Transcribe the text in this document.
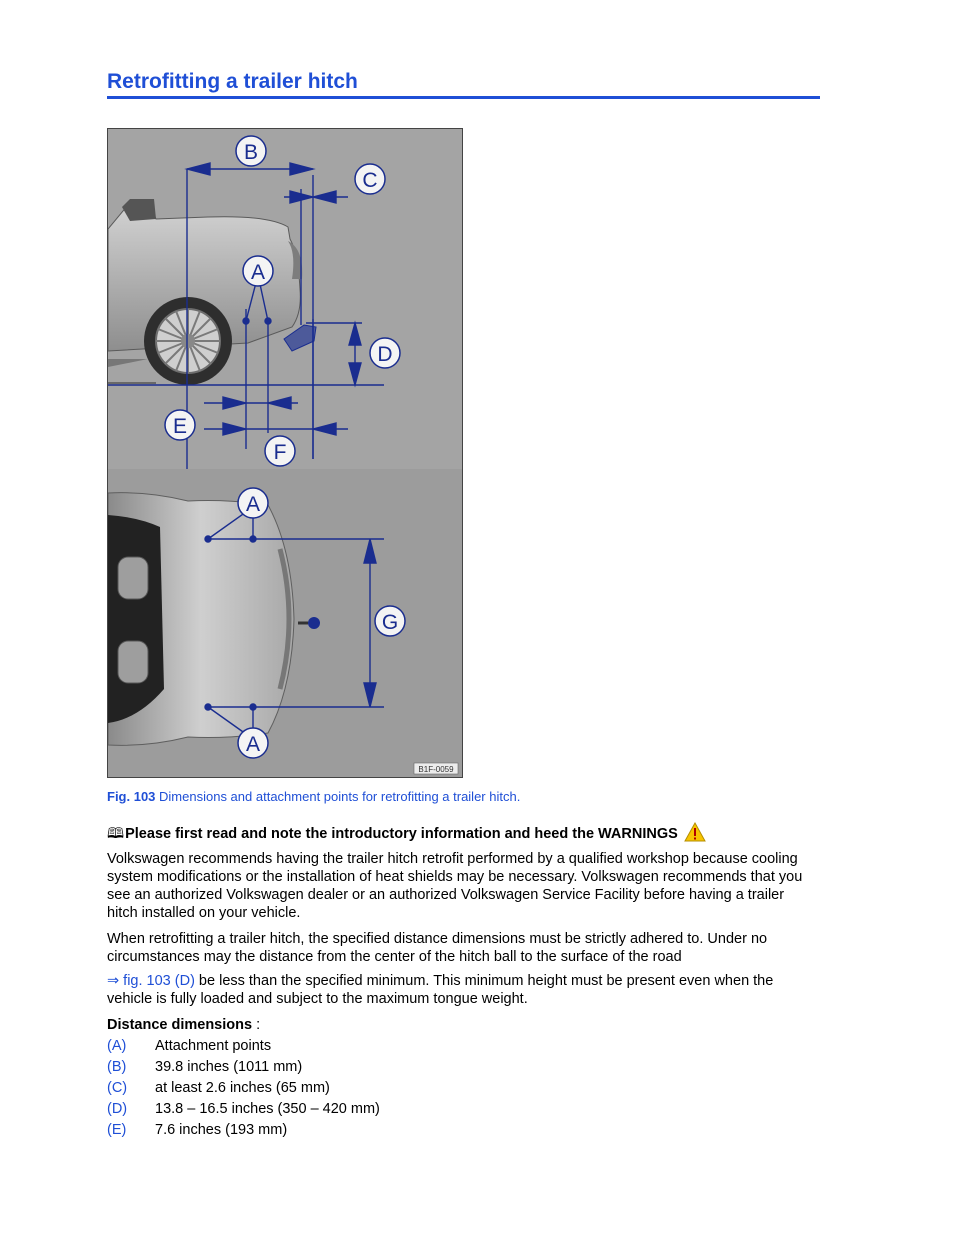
Retrofitting a trailer hitch
B
C
A
D
E
F
A
G
A
B1F-0059
Fig. 103 Dimensions and attachment points for retrofitting a trailer hitch.

🕮Please first read and note the introductory information and heed the WARNINGS

Volkswagen recommends having the trailer hitch retrofit performed by a qualified workshop because cooling system modifications or the installation of heat shields may be necessary. Volkswagen recommends that you see an authorized Volkswagen dealer or an authorized Volkswagen Service Facility before having a trailer hitch installed on your vehicle.

When retrofitting a trailer hitch, the specified distance dimensions must be strictly adhered to. Under no circumstances may the distance from the center of the hitch ball to the surface of the road

⇒ fig. 103 (D) be less than the specified minimum. This minimum height must be present even when the vehicle is fully loaded and subject to the maximum tongue weight.

Distance dimensions :

(A)	Attachment points
(B)	39.8 inches (1011 mm)
(C)	at least 2.6 inches (65 mm)
(D)	13.8 – 16.5 inches (350 – 420 mm)
(E)	7.6 inches (193 mm)
